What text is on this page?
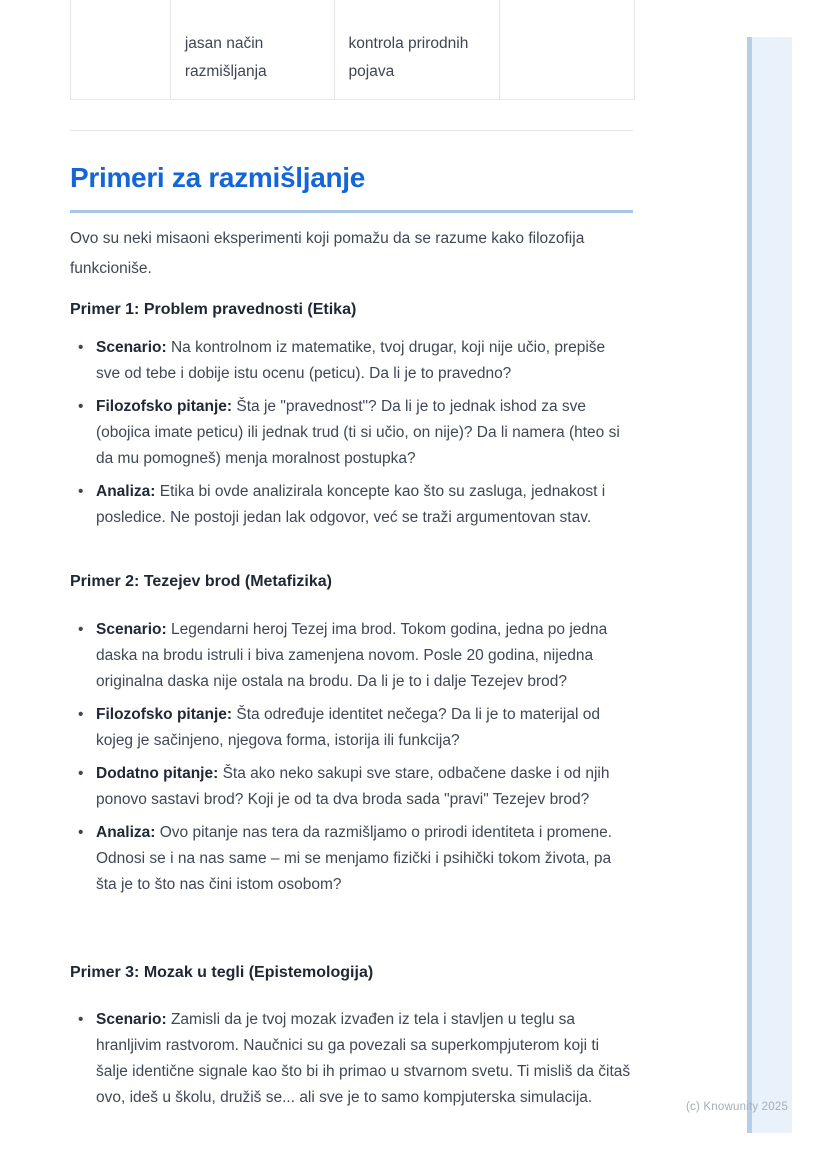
jasan način razmišljanja
kontrola prirodnih pojava
Primeri za razmišljanje

Ovo su neki misaoni eksperimenti koji pomažu da se razume kako filozofija funkcioniše.

Primer 1: Problem pravednosti (Etika)
• Scenario: Na kontrolnom iz matematike, tvoj drugar, koji nije učio, prepiše sve od tebe i dobije istu ocenu (peticu). Da li je to pravedno?
• Filozofsko pitanje: Šta je "pravednost"? Da li je to jednak ishod za sve (obojica imate peticu) ili jednak trud (ti si učio, on nije)? Da li namera (hteo si da mu pomogneš) menja moralnost postupka?
• Analiza: Etika bi ovde analizirala koncepte kao što su zasluga, jednakost i posledice. Ne postoji jedan lak odgovor, već se traži argumentovan stav.
Primer 2: Tezejev brod (Metafizika)
• Scenario: Legendarni heroj Tezej ima brod. Tokom godina, jedna po jedna daska na brodu istruli i biva zamenjena novom. Posle 20 godina, nijedna originalna daska nije ostala na brodu. Da li je to i dalje Tezejev brod?
• Filozofsko pitanje: Šta određuje identitet nečega? Da li je to materijal od kojeg je sačinjeno, njegova forma, istorija ili funkcija?
• Dodatno pitanje: Šta ako neko sakupi sve stare, odbačene daske i od njih ponovo sastavi brod? Koji je od ta dva broda sada "pravi" Tezejev brod?
• Analiza: Ovo pitanje nas tera da razmišljamo o prirodi identiteta i promene. Odnosi se i na nas same – mi se menjamo fizički i psihički tokom života, pa šta je to što nas čini istom osobom?
Primer 3: Mozak u tegli (Epistemologija)
• Scenario: Zamisli da je tvoj mozak izvađen iz tela i stavljen u teglu sa hranljivim rastvorom. Naučnici su ga povezali sa superkompjuterom koji ti šalje identične signale kao što bi ih primao u stvarnom svetu. Ti misliš da čitaš ovo, ideš u školu, družiš se... ali sve je to samo kompjuterska simulacija.
(c) Knowunity 2025
